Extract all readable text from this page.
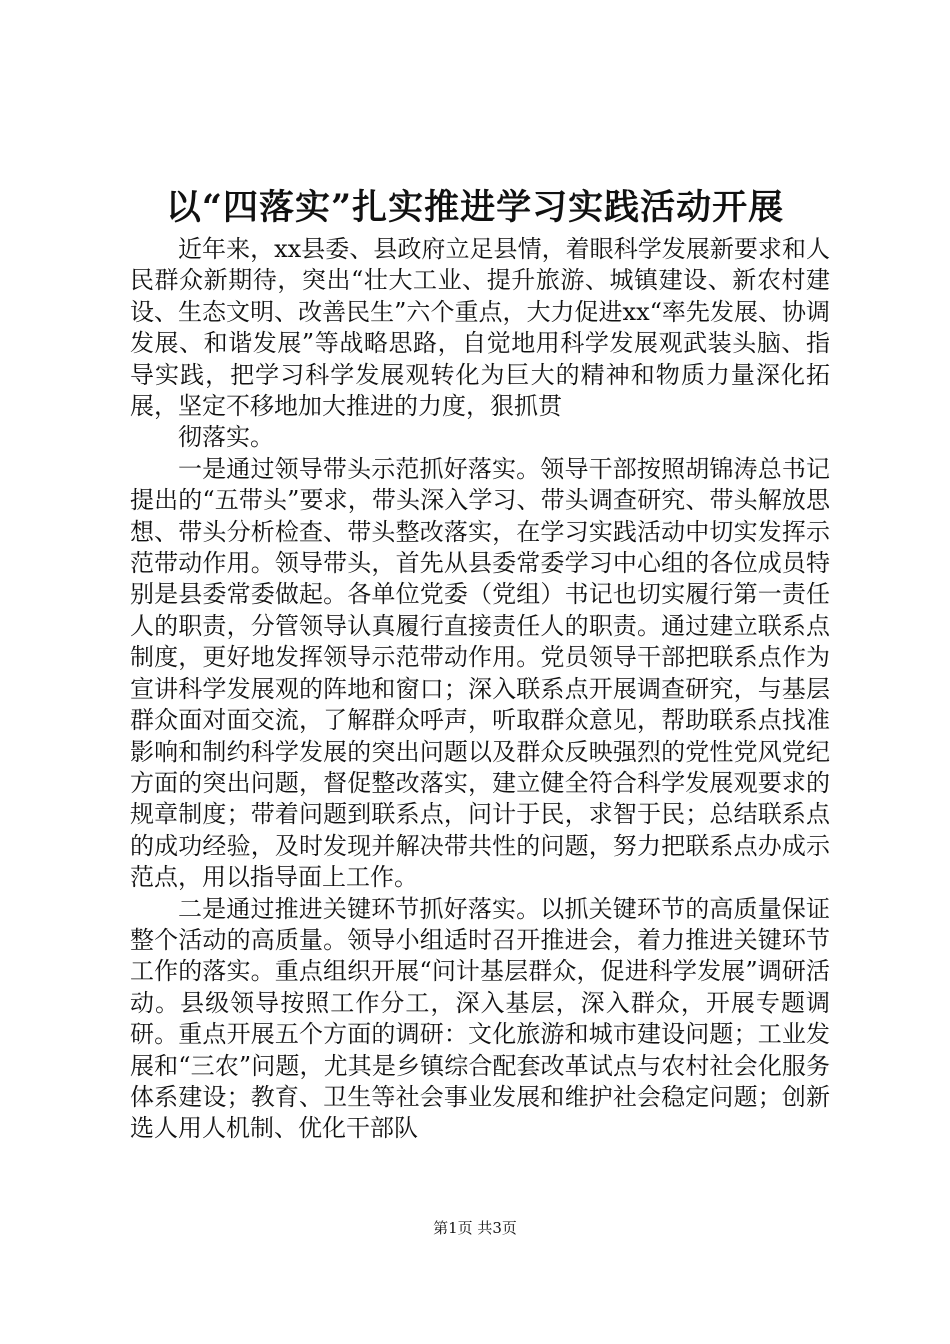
以“四落实”扎实推进学习实践活动开展

近年来，xx县委、县政府立足县情，着眼科学发展新要求和人民群众新期待，突出“壮大工业、提升旅游、城镇建设、新农村建设、生态文明、改善民生”六个重点，大力促进xx“率先发展、协调发展、和谐发展”等战略思路，自觉地用科学发展观武装头脑、指导实践，把学习科学发展观转化为巨大的精神和物质力量深化拓展，坚定不移地加大推进的力度，狠抓贯

彻落实。

一是通过领导带头示范抓好落实。领导干部按照胡锦涛总书记提出的“五带头”要求，带头深入学习、带头调查研究、带头解放思想、带头分析检查、带头整改落实，在学习实践活动中切实发挥示范带动作用。领导带头，首先从县委常委学习中心组的各位成员特别是县委常委做起。各单位党委（党组）书记也切实履行第一责任人的职责，分管领导认真履行直接责任人的职责。通过建立联系点制度，更好地发挥领导示范带动作用。党员领导干部把联系点作为宣讲科学发展观的阵地和窗口；深入联系点开展调查研究，与基层群众面对面交流，了解群众呼声，听取群众意见，帮助联系点找准影响和制约科学发展的突出问题以及群众反映强烈的党性党风党纪方面的突出问题，督促整改落实，建立健全符合科学发展观要求的规章制度；带着问题到联系点，问计于民，求智于民；总结联系点的成功经验，及时发现并解决带共性的问题，努力把联系点办成示范点，用以指导面上工作。

二是通过推进关键环节抓好落实。以抓关键环节的高质量保证整个活动的高质量。领导小组适时召开推进会，着力推进关键环节工作的落实。重点组织开展“问计基层群众，促进科学发展”调研活动。县级领导按照工作分工，深入基层，深入群众，开展专题调研。重点开展五个方面的调研：文化旅游和城市建设问题；工业发展和“三农”问题，尤其是乡镇综合配套改革试点与农村社会化服务体系建设；教育、卫生等社会事业发展和维护社会稳定问题；创新选人用人机制、优化干部队

第1页 共3页
